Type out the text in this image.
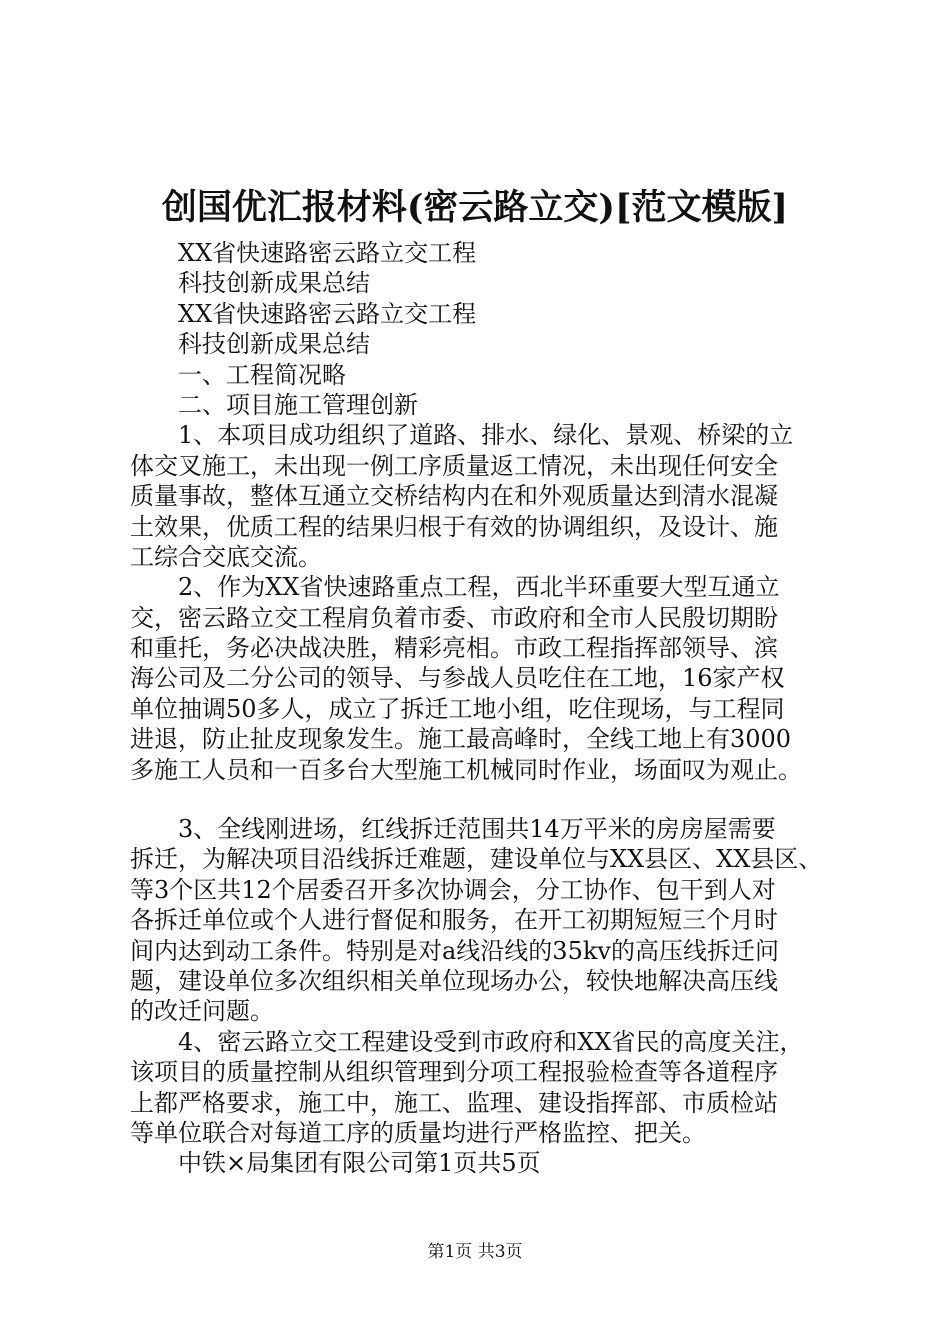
创国优汇报材料(密云路立交)[范文模版]
XX省快速路密云路立交工程
科技创新成果总结
XX省快速路密云路立交工程
科技创新成果总结
一、工程简况略
二、项目施工管理创新
1、本项目成功组织了道路、排水、绿化、景观、桥梁的立
体交叉施工，未出现一例工序质量返工情况，未出现任何安全
质量事故，整体互通立交桥结构内在和外观质量达到清水混凝
土效果，优质工程的结果归根于有效的协调组织，及设计、施
工综合交底交流。
2、作为XX省快速路重点工程，西北半环重要大型互通立
交，密云路立交工程肩负着市委、市政府和全市人民殷切期盼
和重托，务必决战决胜，精彩亮相。市政工程指挥部领导、滨
海公司及二分公司的领导、与参战人员吃住在工地，16家产权
单位抽调50多人，成立了拆迁工地小组，吃住现场，与工程同
进退，防止扯皮现象发生。施工最高峰时，全线工地上有3000
多施工人员和一百多台大型施工机械同时作业，场面叹为观止。
3、全线刚进场，红线拆迁范围共14万平米的房房屋需要
拆迁，为解决项目沿线拆迁难题，建设单位与XX县区、XX县区、
等3个区共12个居委召开多次协调会，分工协作、包干到人对
各拆迁单位或个人进行督促和服务，在开工初期短短三个月时
间内达到动工条件。特别是对a线沿线的35kv的高压线拆迁问
题，建设单位多次组织相关单位现场办公，较快地解决高压线
的改迁问题。
4、密云路立交工程建设受到市政府和XX省民的高度关注，
该项目的质量控制从组织管理到分项工程报验检查等各道程序
上都严格要求，施工中，施工、监理、建设指挥部、市质检站
等单位联合对每道工序的质量均进行严格监控、把关。
中铁×局集团有限公司第1页共5页
第1页 共3页
